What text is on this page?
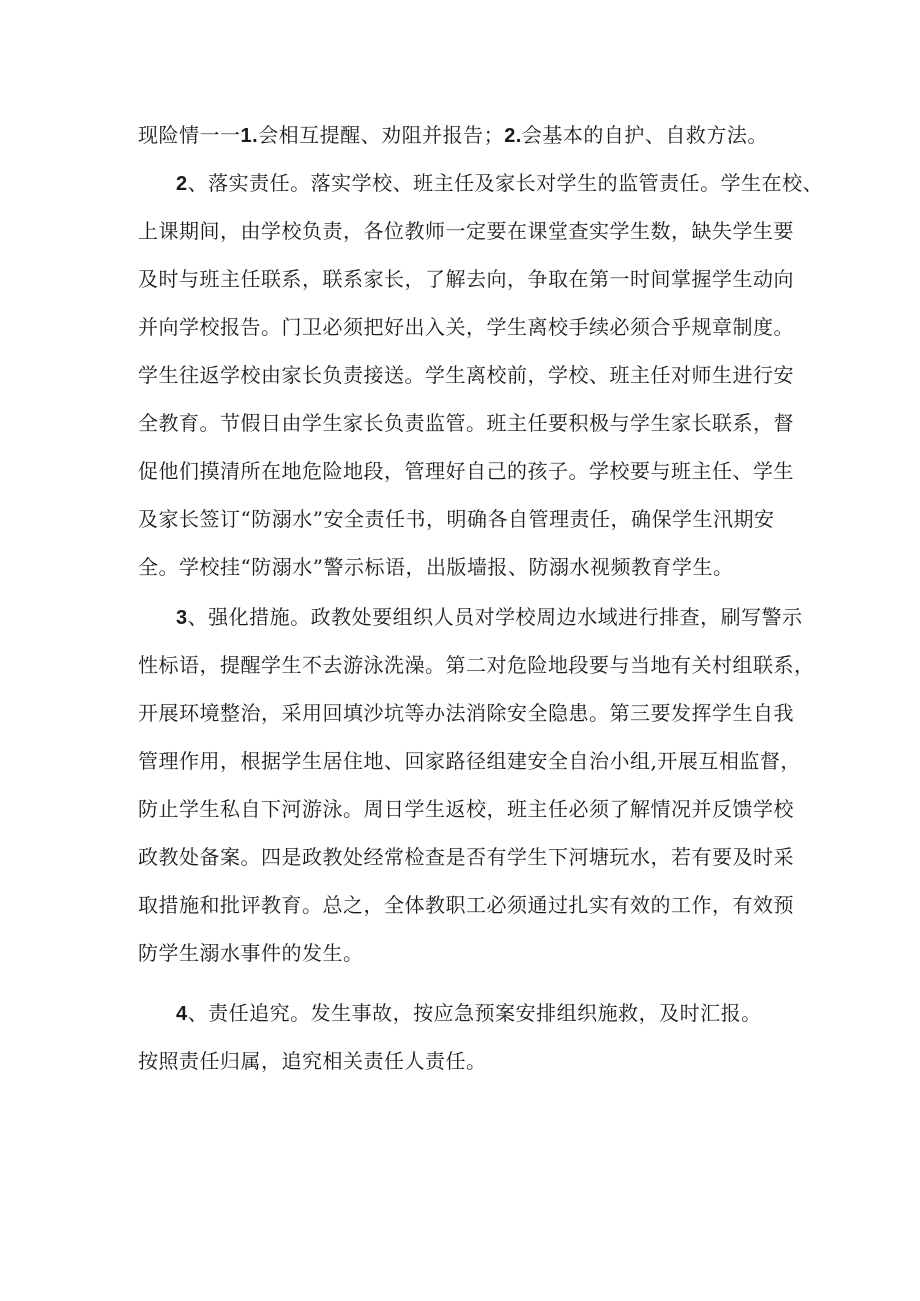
现险情一一1.会相互提醒、劝阻并报告；2.会基本的自护、自救方法。
2、落实责任。落实学校、班主任及家长对学生的监管责任。学生在校、
上课期间，由学校负责，各位教师一定要在课堂查实学生数，缺失学生要
及时与班主任联系，联系家长，了解去向，争取在第一时间掌握学生动向
并向学校报告。门卫必须把好出入关，学生离校手续必须合乎规章制度。
学生往返学校由家长负责接送。学生离校前，学校、班主任对师生进行安
全教育。节假日由学生家长负责监管。班主任要积极与学生家长联系，督
促他们摸清所在地危险地段，管理好自己的孩子。学校要与班主任、学生
及家长签订“防溺水”安全责任书，明确各自管理责任，确保学生汛期安
全。学校挂“防溺水”警示标语，出版墙报、防溺水视频教育学生。
3、强化措施。政教处要组织人员对学校周边水域进行排查，刷写警示
性标语，提醒学生不去游泳洗澡。第二对危险地段要与当地有关村组联系，
开展环境整治，采用回填沙坑等办法消除安全隐患。第三要发挥学生自我
管理作用，根据学生居住地、回家路径组建安全自治小组,开展互相监督，
防止学生私自下河游泳。周日学生返校，班主任必须了解情况并反馈学校
政教处备案。四是政教处经常检查是否有学生下河塘玩水，若有要及时采
取措施和批评教育。总之，全体教职工必须通过扎实有效的工作，有效预
防学生溺水事件的发生。
4、责任追究。发生事故，按应急预案安排组织施救，及时汇报。
按照责任归属，追究相关责任人责任。
